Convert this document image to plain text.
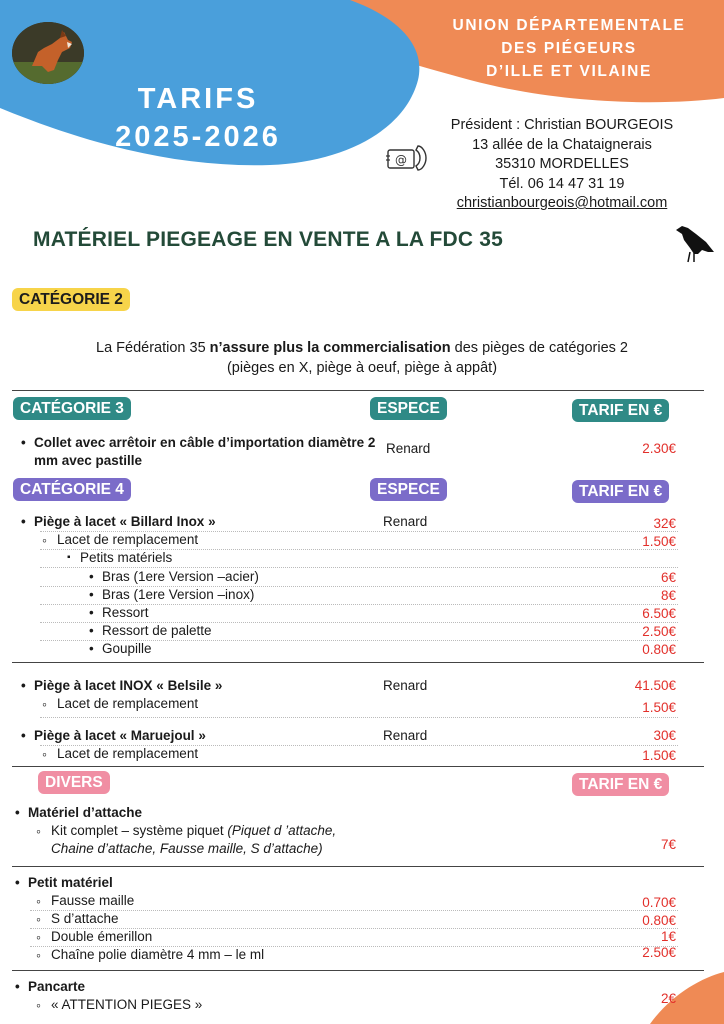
UNION DÉPARTEMENTALE
DES PIÉGEURS
D’ILLE ET VILAINE
TARIFS
2025-2026
@
Président : Christian BOURGEOIS
13 allée de la Chataignerais
35310 MORDELLES
Tél. 06 14 47 31 19
christianbourgeois@hotmail.com
MATÉRIEL PIEGEAGE EN VENTE A LA FDC 35
CATÉGORIE 2
La Fédération 35 n’assure plus la commercialisation des pièges de catégories 2
(pièges en X, piège à oeuf, piège à appât)
CATÉGORIE 3	ESPECE	TARIF EN €
• Collet avec arrêtoir en câble d’importation diamètre 2
mm avec pastille
Renard	2.30€
CATÉGORIE 4	ESPECE	TARIF EN €
• Piège à lacet « Billard Inox »	Renard	32€
◦ Lacet de remplacement	1.50€
▪ Petits matériels
• Bras (1ere Version –acier)	6€
• Bras (1ere Version –inox)	8€
• Ressort	6.50€
• Ressort de palette	2.50€
• Goupille	0.80€
• Piège à lacet INOX « Belsile »	Renard	41.50€
◦ Lacet de remplacement	1.50€
• Piège à lacet « Maruejoul »	Renard	30€
◦ Lacet de remplacement	1.50€
DIVERS	TARIF EN €
• Matériel d’attache
◦ Kit complet – système piquet (Piquet d ’attache,
Chaine d’attache, Fausse maille, S d’attache)	7€
• Petit matériel
◦ Fausse maille	0.70€
◦ S d’attache	0.80€
◦ Double émerillon	1€
◦ Chaîne polie diamètre 4 mm – le ml	2.50€
• Pancarte
◦ « ATTENTION PIEGES »	2€
